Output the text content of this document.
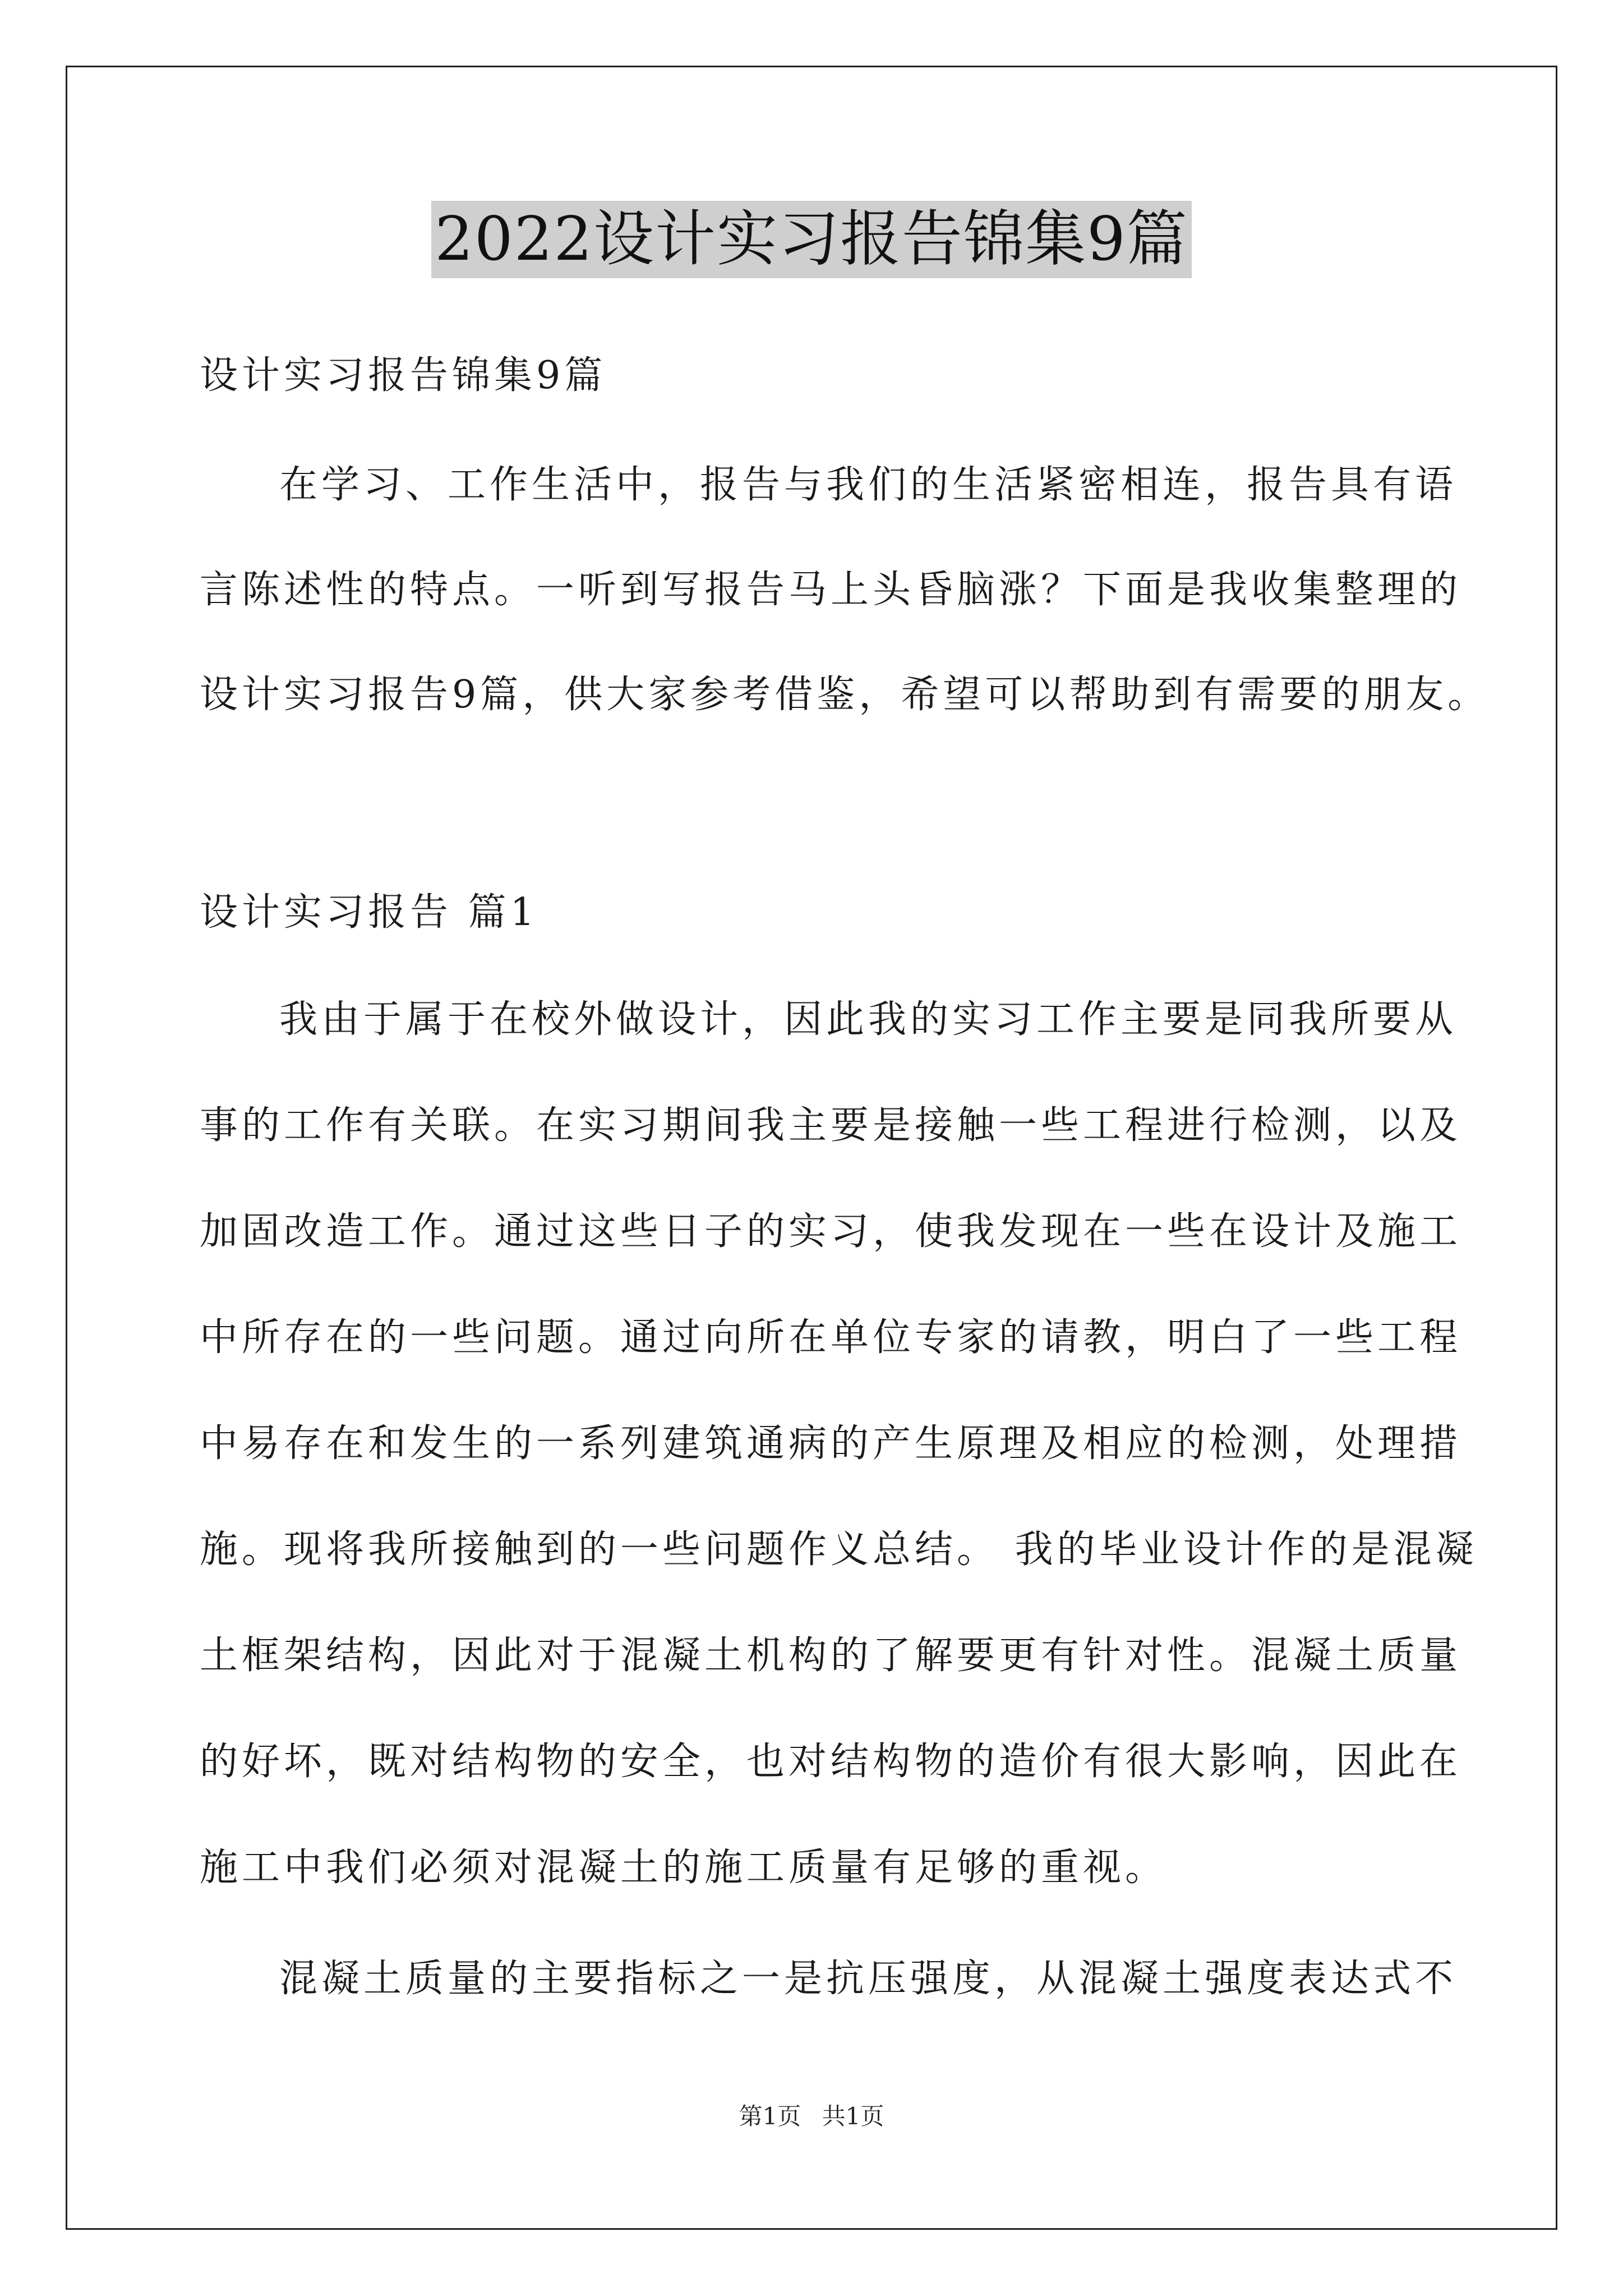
2022设计实习报告锦集9篇
设计实习报告锦集9篇
在学习、工作生活中，报告与我们的生活紧密相连，报告具有语
言陈述性的特点。一听到写报告马上头昏脑涨？下面是我收集整理的
设计实习报告9篇，供大家参考借鉴，希望可以帮助到有需要的朋友。
设计实习报告 篇1
我由于属于在校外做设计，因此我的实习工作主要是同我所要从
事的工作有关联。在实习期间我主要是接触一些工程进行检测，以及
加固改造工作。通过这些日子的实习，使我发现在一些在设计及施工
中所存在的一些问题。通过向所在单位专家的请教，明白了一些工程
中易存在和发生的一系列建筑通病的产生原理及相应的检测，处理措
施。现将我所接触到的一些问题作义总结。 我的毕业设计作的是混凝
土框架结构，因此对于混凝土机构的了解要更有针对性。混凝土质量
的好坏，既对结构物的安全，也对结构物的造价有很大影响，因此在
施工中我们必须对混凝土的施工质量有足够的重视。
混凝土质量的主要指标之一是抗压强度，从混凝土强度表达式不
第1页 共1页
